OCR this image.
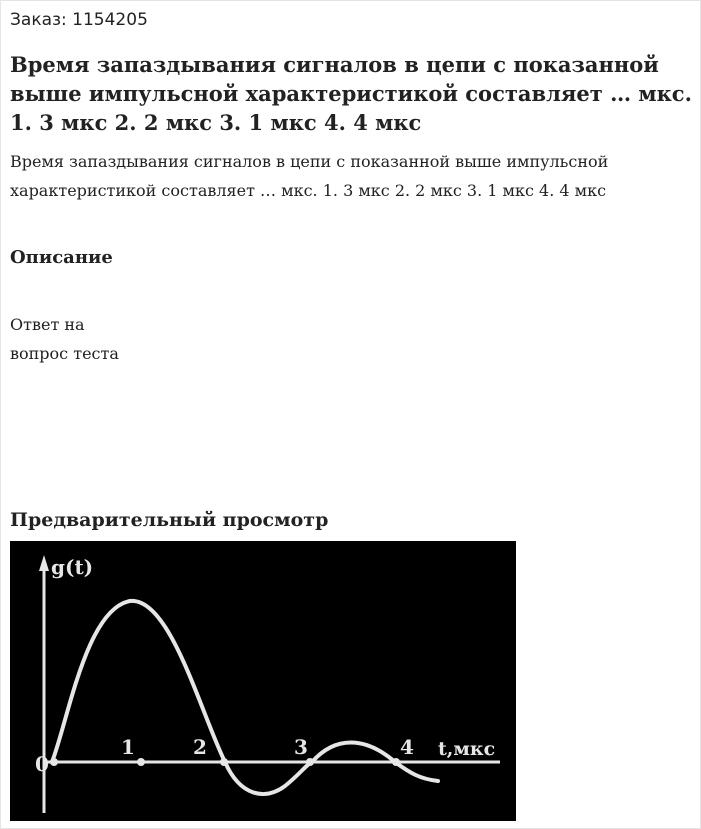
Заказ: 1154205
Время запаздывания сигналов в цепи с показанной выше импульсной характеристикой составляет … мкс. 1. 3 мкс 2. 2 мкс 3. 1 мкс 4. 4 мкс

Время запаздывания сигналов в цепи с показанной выше импульсной характеристикой составляет … мкс. 1. 3 мкс 2. 2 мкс 3. 1 мкс 4. 4 мкс

Описание

Ответ на
вопрос теста

Предварительный просмотр
g(t)
t,мкс
0
1	2	3	4
